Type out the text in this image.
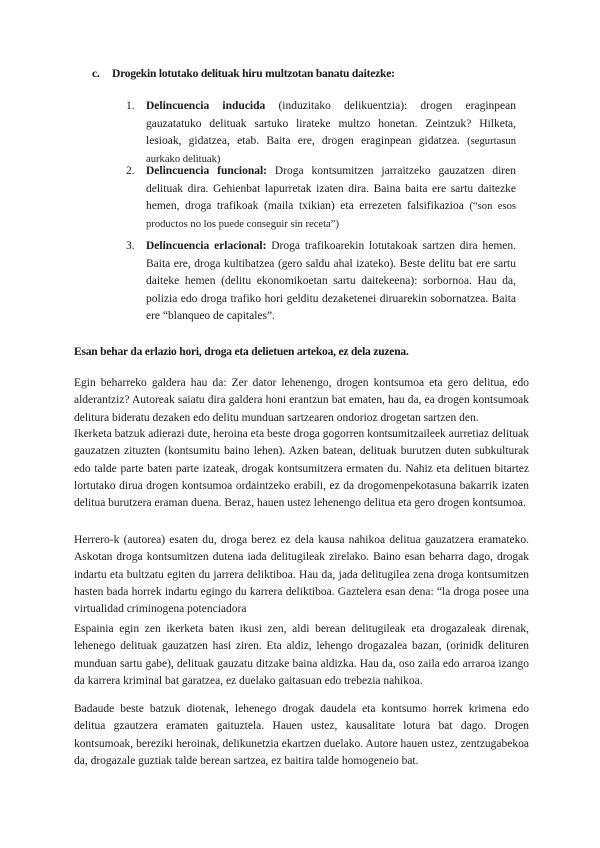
c. Drogekin lotutako delituak hiru multzotan banatu daitezke:
1. Delincuencia inducida (induzitako delikuentzia): drogen eraginpean gauzatatuko delituak sartuko lirateke multzo honetan. Zeintzuk? Hilketa, lesioak, gidatzea, etab. Baita ere, drogen eraginpean gidatzea. (segurtasun aurkako delituak)
2. Delincuencia funcional: Droga kontsumitzen jarraitzeko gauzatzen diren delituak dira. Gehienbat lapurretak izaten dira. Baina baita ere sartu daitezke hemen, droga trafikoak (maila txikian) eta errezeten falsifikazioa (“son esos productos no los puede conseguir sin receta”)
3. Delincuencia erlacional: Droga trafikoarekin lotutakoak sartzen dira hemen. Baita ere, droga kultibatzea (gero saldu ahal izateko). Beste delitu bat ere sartu daiteke hemen (delitu ekonomikoetan sartu daitekeena): sorbornoa. Hau da, polizia edo droga trafiko hori gelditu dezaketenei diruarekin sobornatzea. Baita ere “blanqueo de capitales”.
Esan behar da erlazio hori, droga eta delietuen artekoa, ez dela zuzena.

Egin beharreko galdera hau da: Zer dator lehenengo, drogen kontsumoa eta gero delitua, edo alderantziz? Autoreak saiatu dira galdera honi erantzun bat ematen, hau da, ea drogen kontsumoak delitura bideratu dezaken edo delitu munduan sartzearen ondorioz drogetan sartzen den.

Ikerketa batzuk adierazi dute, heroina eta beste droga gogorren kontsumitzaileek aurretiaz delituak gauzatzen zituzten (kontsumitu baino lehen). Azken batean, delituak burutzen duten subkulturak edo talde parte baten parte izateak, drogak kontsumitzera ermaten du. Nahiz eta delituen bitartez lortutako dirua drogen kontsumoa ordaintzeko erabili, ez da drogomenpekotasuna bakarrik izaten delitua burutzera eraman duena. Beraz, hauen ustez lehenengo delitua eta gero drogen kontsumoa.

Herrero-k (autorea) esaten du, droga berez ez dela kausa nahikoa delitua gauzatzera eramateko. Askotan droga kontsumitzen dutena iada delitugileak zirelako. Baino esan beharra dago, drogak indartu eta bultzatu egiten du jarrera deliktiboa. Hau da, jada delitugilea zena droga kontsumitzen hasten bada horrek indartu egingo du karrera deliktiboa. Gaztelera esan dena: “la droga posee una virtualidad criminogena potenciadora

Espainia egin zen ikerketa baten ikusi zen, aldi berean delitugileak eta drogazaleak direnak, lehenego delituak gauzatzen hasi ziren. Eta aldiz, lehengo drogazalea bazan, (orinidk delituren munduan sartu gabe), delituak gauzatu ditzake baina aldizka. Hau da, oso zaila edo arraroa izango da karrera kriminal bat garatzea, ez duelako gaitasuan edo trebezia nahikoa.

Badaude beste batzuk diotenak, lehenego drogak daudela eta kontsumo horrek krimena edo delitua gzautzera eramaten gaituztela. Hauen ustez, kausalitate lotura bat dago. Drogen kontsumoak, bereziki heroinak, delikunetzia ekartzen duelako. Autore hauen ustez, zentzugabekoa da, drogazale guztiak talde berean sartzea, ez baitira talde homogeneio bat.
